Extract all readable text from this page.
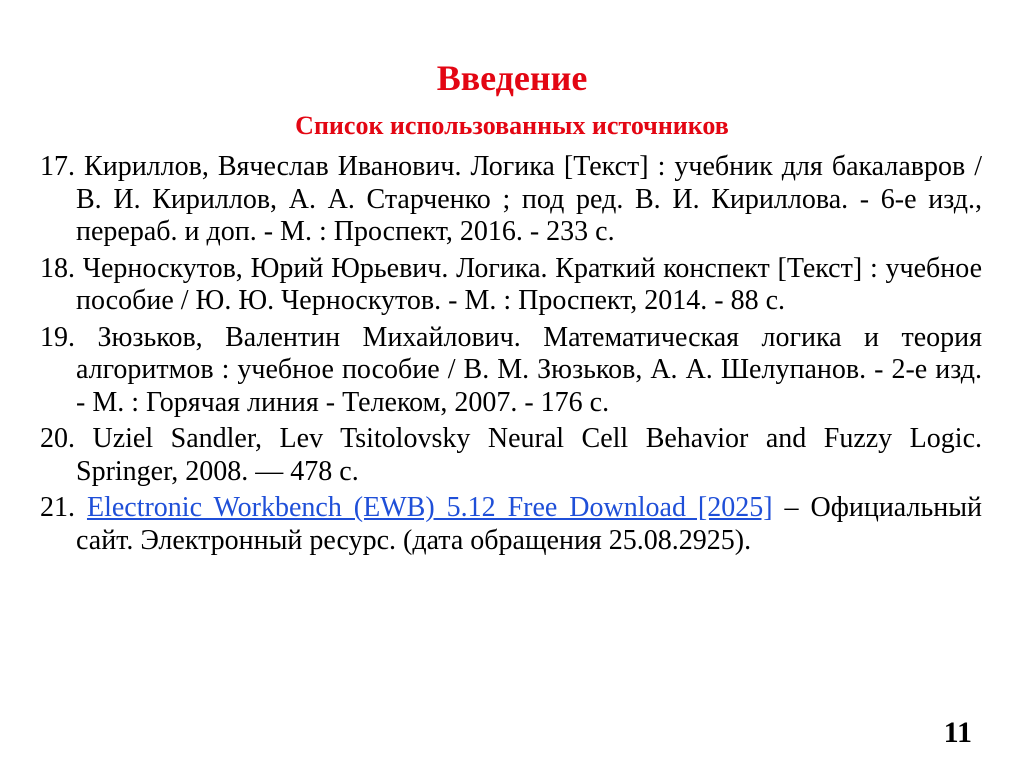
Введение
Список использованных источников
17. Кириллов, Вячеслав Иванович. Логика [Текст] : учебник для бакалавров / В. И. Кириллов, А. А. Старченко ; под ред. В. И. Кириллова. - 6-е изд., перераб. и доп. - М. : Проспект, 2016. - 233 с.
18. Черноскутов, Юрий Юрьевич. Логика. Краткий конспект [Текст] : учебное пособие / Ю. Ю. Черноскутов. - М. : Проспект, 2014. - 88 с.
19. Зюзьков, Валентин Михайлович. Математическая логика и теория алгоритмов : учебное пособие / В. М. Зюзьков, А. А. Шелупанов. - 2-е изд. - М. : Горячая линия - Телеком, 2007. - 176 с.
20. Uziel Sandler, Lev Tsitolovsky Neural Cell Behavior and Fuzzy Logic. Springer, 2008. — 478 с.
21. Electronic Workbench (EWB) 5.12 Free Download [2025] – Официальный сайт. Электронный ресурс. (дата обращения 25.08.2925).
11
